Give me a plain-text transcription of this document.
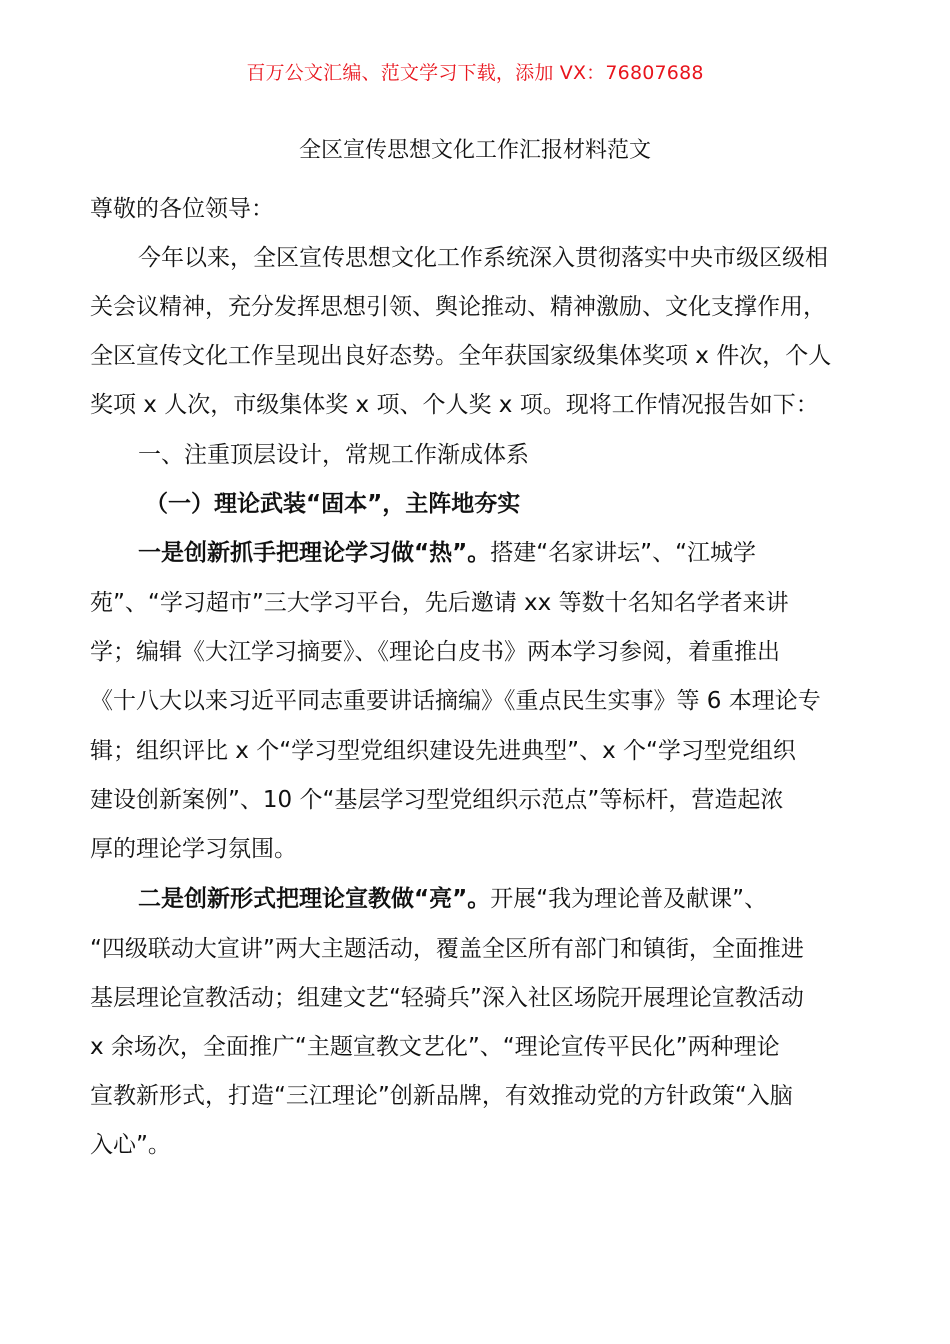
百万公文汇编、范文学习下载，添加 VX：76807688
全区宣传思想文化工作汇报材料范文
尊敬的各位领导：
今年以来，全区宣传思想文化工作系统深入贯彻落实中央市级区级相
关会议精神，充分发挥思想引领、舆论推动、精神激励、文化支撑作用，
全区宣传文化工作呈现出良好态势。全年获国家级集体奖项 x 件次，个人
奖项 x 人次，市级集体奖 x 项、个人奖 x 项。现将工作情况报告如下：
一、注重顶层设计，常规工作渐成体系
（一）理论武装“固本”，主阵地夯实
一是创新抓手把理论学习做“热”。搭建“名家讲坛”、“江城学
苑”、“学习超市”三大学习平台，先后邀请 xx 等数十名知名学者来讲
学；编辑《大江学习摘要》、《理论白皮书》两本学习参阅，着重推出
《十八大以来习近平同志重要讲话摘编》《重点民生实事》等 6 本理论专
辑；组织评比 x 个“学习型党组织建设先进典型”、x 个“学习型党组织
建设创新案例”、10 个“基层学习型党组织示范点”等标杆，营造起浓
厚的理论学习氛围。
二是创新形式把理论宣教做“亮”。开展“我为理论普及献课”、
“四级联动大宣讲”两大主题活动，覆盖全区所有部门和镇街，全面推进
基层理论宣教活动；组建文艺“轻骑兵”深入社区场院开展理论宣教活动
x 余场次，全面推广“主题宣教文艺化”、“理论宣传平民化”两种理论
宣教新形式，打造“三江理论”创新品牌，有效推动党的方针政策“入脑
入心”。
